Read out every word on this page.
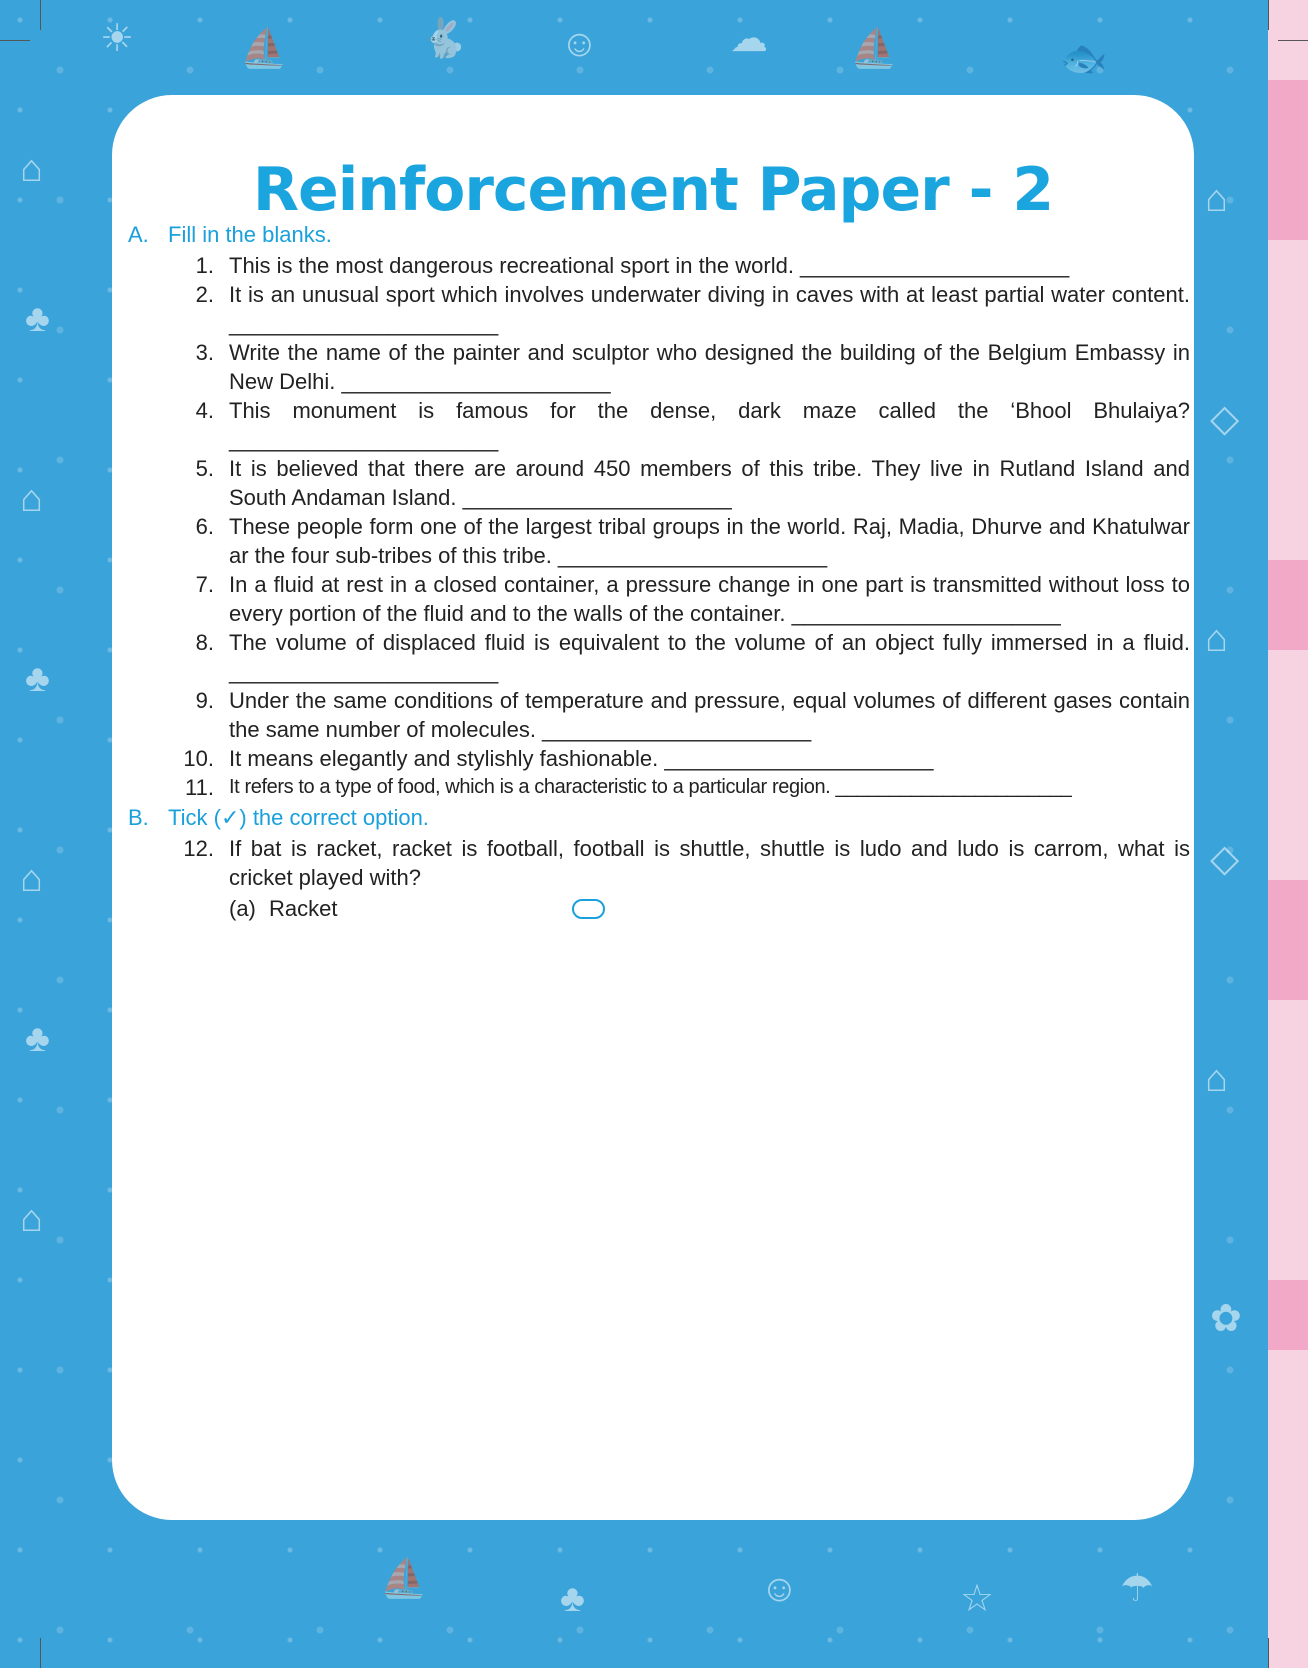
☀	⛵	🐇 ☺	☁ ⛵	🐟
⌂
♣
⌂
♣
⌂
♣
⌂
⌂
◇
⌂
◇
⌂
✿
⛵	♣	☺	☆	☂
Reinforcement Paper - 2
A. Fill in the blanks.
1. This is the most dangerous recreational sport in the world. ______________________
2. It is an unusual sport which involves underwater diving in caves with at least partial water content. ______________________
3. Write the name of the painter and sculptor who designed the building of the Belgium Embassy in New Delhi. ______________________
4. This monument is famous for the dense, dark maze called the ‘Bhool Bhulaiya? ______________________
5. It is believed that there are around 450 members of this tribe. They live in Rutland Island and South Andaman Island. ______________________
6. These people form one of the largest tribal groups in the world. Raj, Madia, Dhurve and Khatulwar ar the four sub-tribes of this tribe. ______________________
7. In a fluid at rest in a closed container, a pressure change in one part is transmitted without loss to every portion of the fluid and to the walls of the container. ______________________
8. The volume of displaced fluid is equivalent to the volume of an object fully immersed in a fluid. ______________________
9. Under the same conditions of temperature and pressure, equal volumes of different gases contain the same number of molecules. ______________________
10. It means elegantly and stylishly fashionable. ______________________
11. It refers to a type of food, which is a characteristic to a particular region. ______________________
B. Tick (✓) the correct option.
12. If bat is racket, racket is football, football is shuttle, shuttle is ludo and ludo is carrom, what is cricket played with?
(a) Racket
